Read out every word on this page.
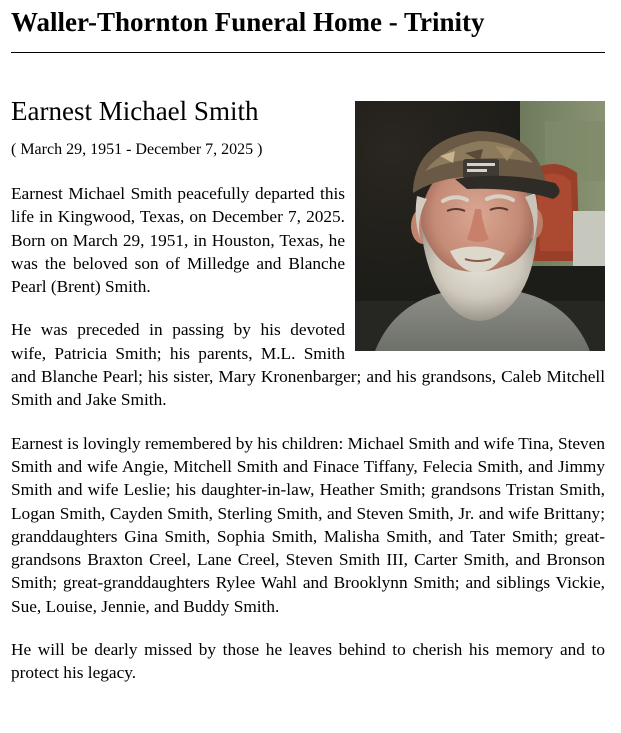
Waller-Thornton Funeral Home - Trinity
Earnest Michael Smith

( March 29, 1951 - December 7, 2025 )

Earnest Michael Smith peacefully departed this life in Kingwood, Texas, on December 7, 2025. Born on March 29, 1951, in Houston, Texas, he was the beloved son of Milledge and Blanche Pearl (Brent) Smith.

He was preceded in passing by his devoted wife, Patricia Smith; his parents, M.L. Smith and Blanche Pearl; his sister, Mary Kronenbarger; and his grandsons, Caleb Mitchell Smith and Jake Smith.

Earnest is lovingly remembered by his children: Michael Smith and wife Tina, Steven Smith and wife Angie, Mitchell Smith and Finace Tiffany, Felecia Smith, and Jimmy Smith and wife Leslie; his daughter-in-law, Heather Smith; grandsons Tristan Smith, Logan Smith, Cayden Smith, Sterling Smith, and Steven Smith, Jr. and wife Brittany; granddaughters Gina Smith, Sophia Smith, Malisha Smith, and Tater Smith; great-grandsons Braxton Creel, Lane Creel, Steven Smith III, Carter Smith, and Bronson Smith; great-granddaughters Rylee Wahl and Brooklynn Smith; and siblings Vickie, Sue, Louise, Jennie, and Buddy Smith.

He will be dearly missed by those he leaves behind to cherish his memory and to protect his legacy.
